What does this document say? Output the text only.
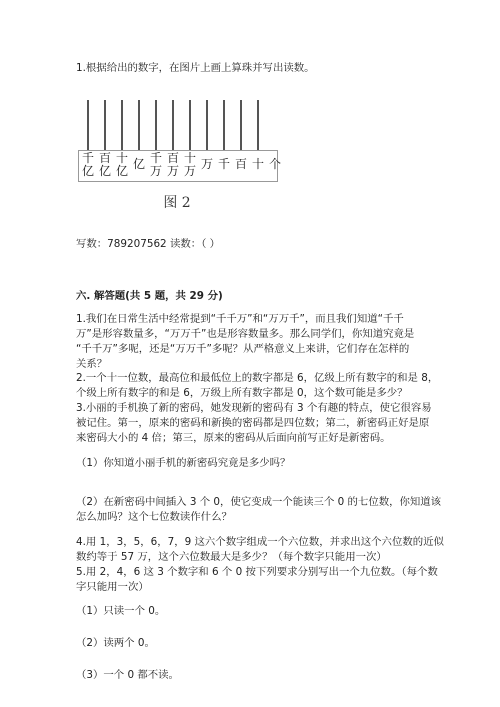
1.根据给出的数字，在图片上画上算珠并写出读数。
千
亿
百
亿
十
亿 亿 千
万
百
万
十
万 万 千 百 十 个
图 2
写数：789207562 读数：（ ）
六. 解答题(共 5 题，共 29 分)
1.我们在日常生活中经常提到“千千万”和“万万千”，而且我们知道“千千
万”是形容数量多，“万万千”也是形容数量多。那么同学们，你知道究竟是
“千千万”多呢，还是“万万千”多呢？从严格意义上来讲，它们存在怎样的
关系？
2.一个十一位数，最高位和最低位上的数字都是 6，亿级上所有数字的和是 8，
个级上所有数字的和是 6，万级上所有数字都是 0，这个数可能是多少？
3.小丽的手机换了新的密码，她发现新的密码有 3 个有趣的特点，使它很容易
被记住。第一，原来的密码和新换的密码都是四位数；第二，新密码正好是原
来密码大小的 4 倍；第三，原来的密码从后面向前写正好是新密码。
（1）你知道小丽手机的新密码究竟是多少吗？
（2）在新密码中间插入 3 个 0，使它变成一个能读三个 0 的七位数，你知道该
怎么加吗？这个七位数读作什么？
4.用 1，3，5，6，7，9 这六个数字组成一个六位数，并求出这个六位数的近似
数约等于 57 万，这个六位数最大是多少？（每个数字只能用一次）
5.用 2，4，6 这 3 个数字和 6 个 0 按下列要求分别写出一个九位数。（每个数
字只能用一次）
（1）只读一个 0。
（2）读两个 0。
（3）一个 0 都不读。
